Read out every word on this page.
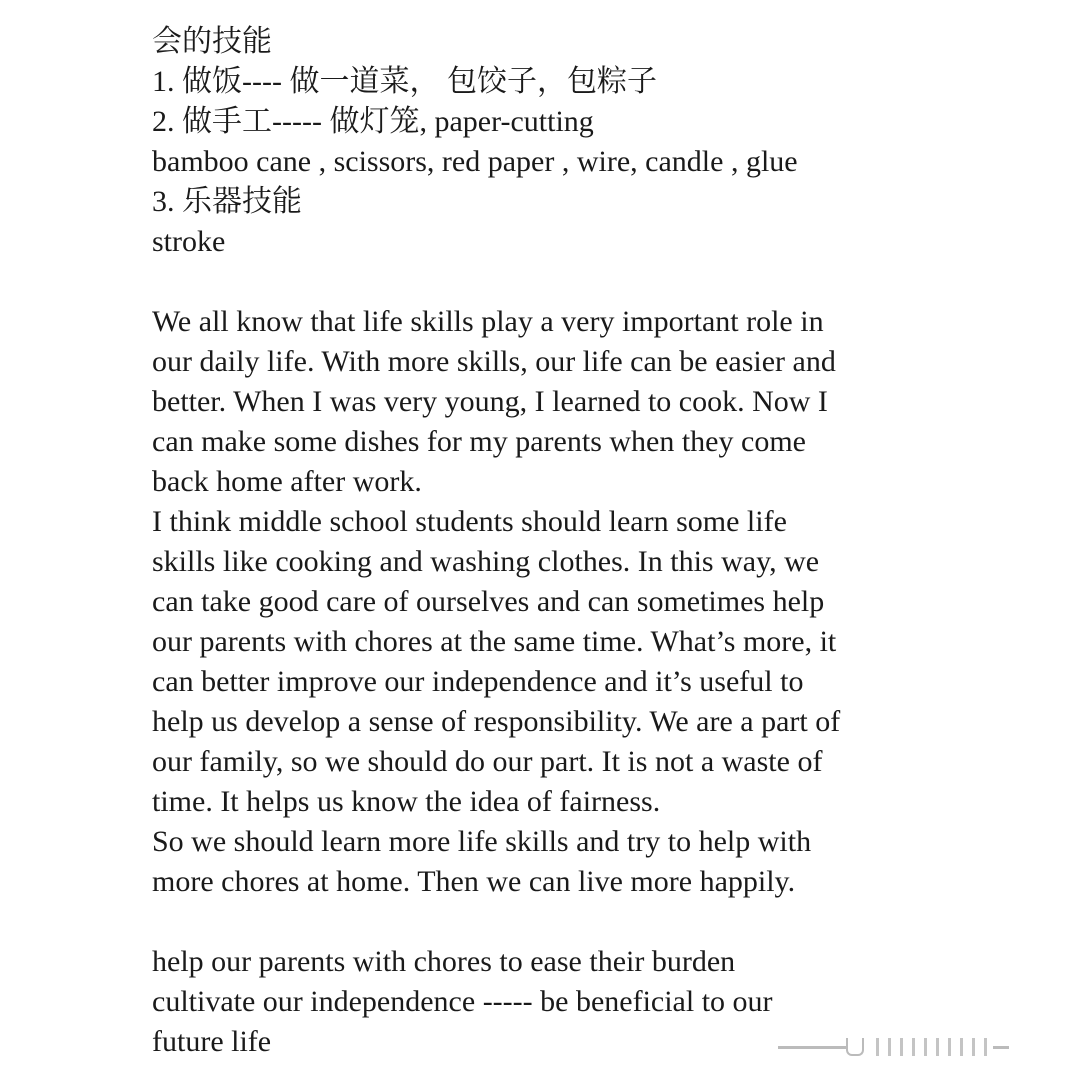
会的技能
1. 做饭---- 做一道菜， 包饺子，包粽子
2. 做手工----- 做灯笼, paper-cutting
bamboo cane , scissors, red paper , wire, candle , glue
3. 乐器技能
stroke
We all know that life skills play a very important role in
our daily life. With more skills, our life can be easier and
better. When I was very young, I learned to cook. Now I
can make some dishes for my parents when they come
back home after work.
I think middle school students should learn some life
skills like cooking and washing clothes. In this way, we
can take good care of ourselves and can sometimes help
our parents with chores at the same time. What’s more, it
can better improve our independence and it’s useful to
help us develop a sense of responsibility. We are a part of
our family, so we should do our part. It is not a waste of
time. It helps us know the idea of fairness.
So we should learn more life skills and try to help with
more chores at home. Then we can live more happily.
help our parents with chores to ease their burden
cultivate our independence ----- be beneficial to our
future life
